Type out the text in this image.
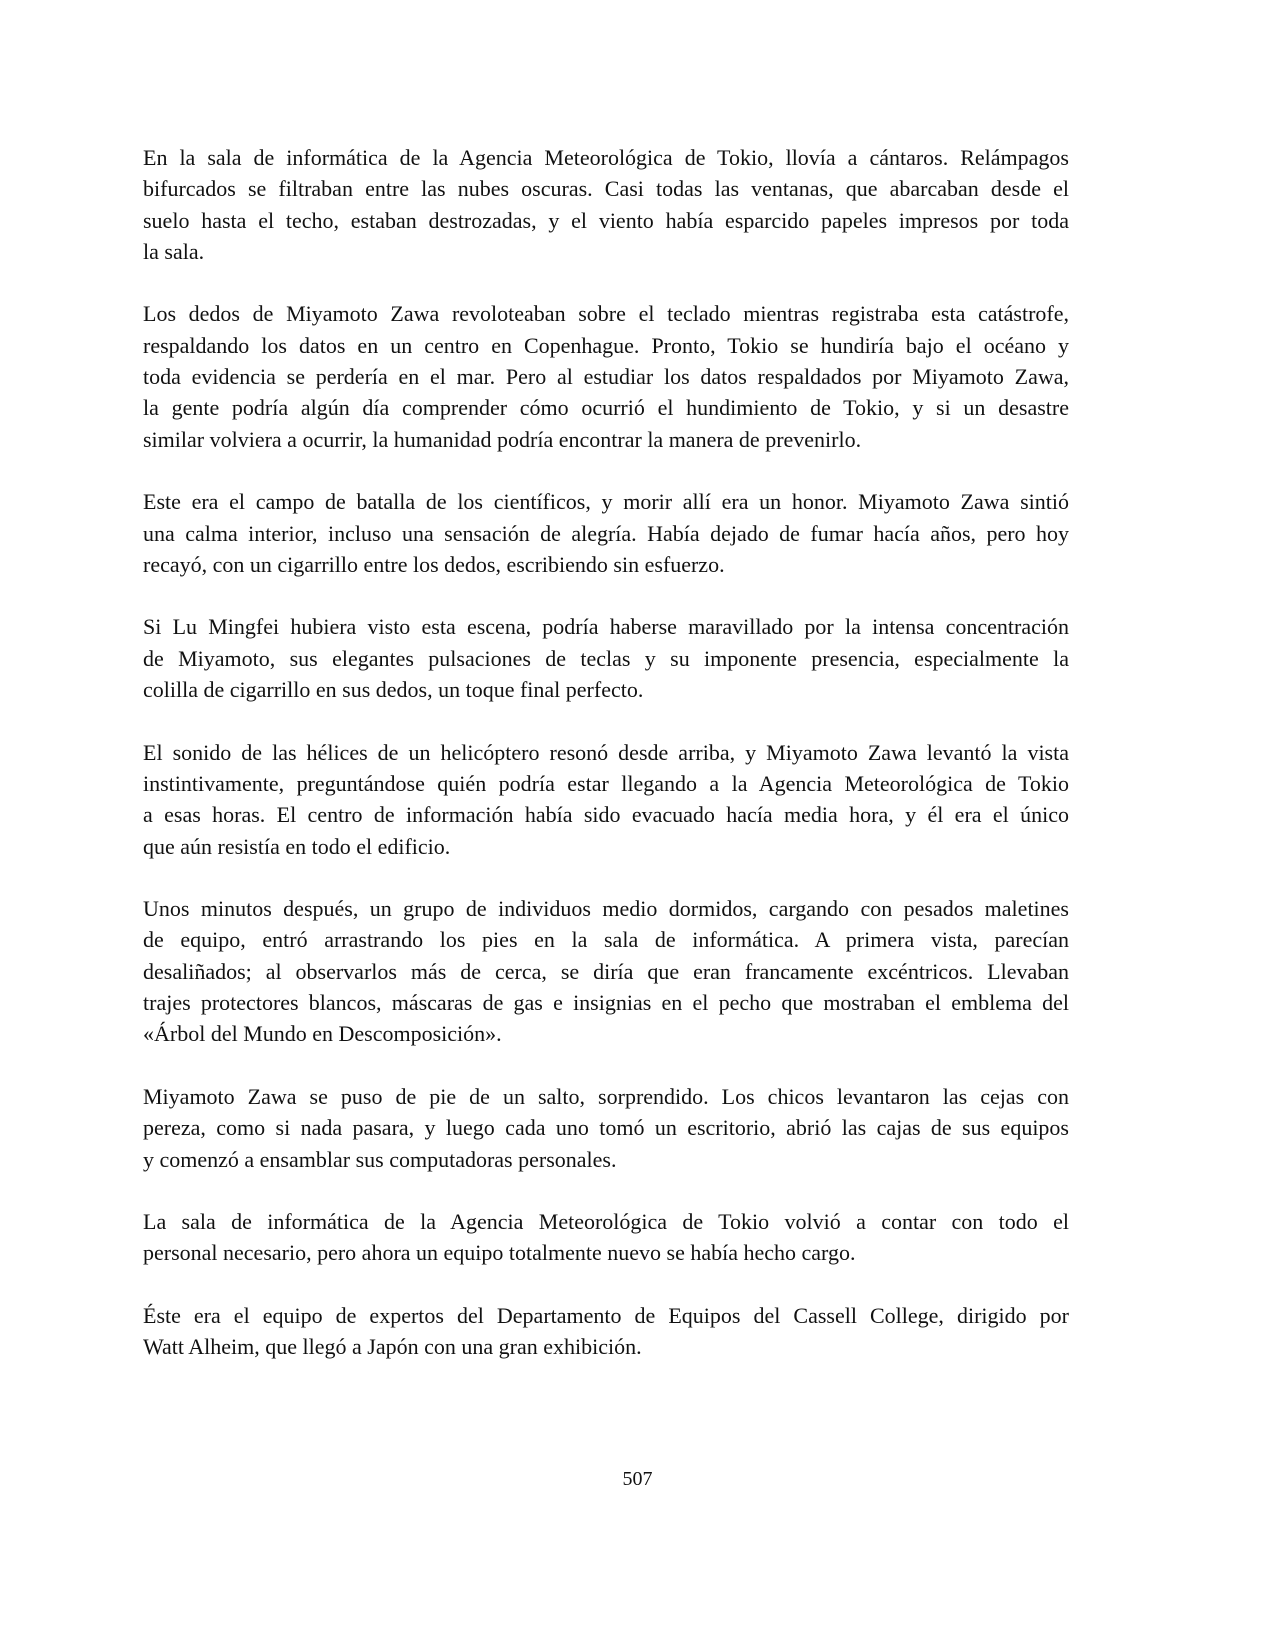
En la sala de informática de la Agencia Meteorológica de Tokio, llovía a cántaros. Relámpagos
bifurcados se filtraban entre las nubes oscuras. Casi todas las ventanas, que abarcaban desde el
suelo hasta el techo, estaban destrozadas, y el viento había esparcido papeles impresos por toda
la sala.
Los dedos de Miyamoto Zawa revoloteaban sobre el teclado mientras registraba esta catástrofe,
respaldando los datos en un centro en Copenhague. Pronto, Tokio se hundiría bajo el océano y
toda evidencia se perdería en el mar. Pero al estudiar los datos respaldados por Miyamoto Zawa,
la gente podría algún día comprender cómo ocurrió el hundimiento de Tokio, y si un desastre
similar volviera a ocurrir, la humanidad podría encontrar la manera de prevenirlo.
Este era el campo de batalla de los científicos, y morir allí era un honor. Miyamoto Zawa sintió
una calma interior, incluso una sensación de alegría. Había dejado de fumar hacía años, pero hoy
recayó, con un cigarrillo entre los dedos, escribiendo sin esfuerzo.
Si Lu Mingfei hubiera visto esta escena, podría haberse maravillado por la intensa concentración
de Miyamoto, sus elegantes pulsaciones de teclas y su imponente presencia, especialmente la
colilla de cigarrillo en sus dedos, un toque final perfecto.
El sonido de las hélices de un helicóptero resonó desde arriba, y Miyamoto Zawa levantó la vista
instintivamente, preguntándose quién podría estar llegando a la Agencia Meteorológica de Tokio
a esas horas. El centro de información había sido evacuado hacía media hora, y él era el único
que aún resistía en todo el edificio.
Unos minutos después, un grupo de individuos medio dormidos, cargando con pesados maletines
de equipo, entró arrastrando los pies en la sala de informática. A primera vista, parecían
desaliñados; al observarlos más de cerca, se diría que eran francamente excéntricos. Llevaban
trajes protectores blancos, máscaras de gas e insignias en el pecho que mostraban el emblema del
«Árbol del Mundo en Descomposición».
Miyamoto Zawa se puso de pie de un salto, sorprendido. Los chicos levantaron las cejas con
pereza, como si nada pasara, y luego cada uno tomó un escritorio, abrió las cajas de sus equipos
y comenzó a ensamblar sus computadoras personales.
La sala de informática de la Agencia Meteorológica de Tokio volvió a contar con todo el
personal necesario, pero ahora un equipo totalmente nuevo se había hecho cargo.
Éste era el equipo de expertos del Departamento de Equipos del Cassell College, dirigido por
Watt Alheim, que llegó a Japón con una gran exhibición.
507
